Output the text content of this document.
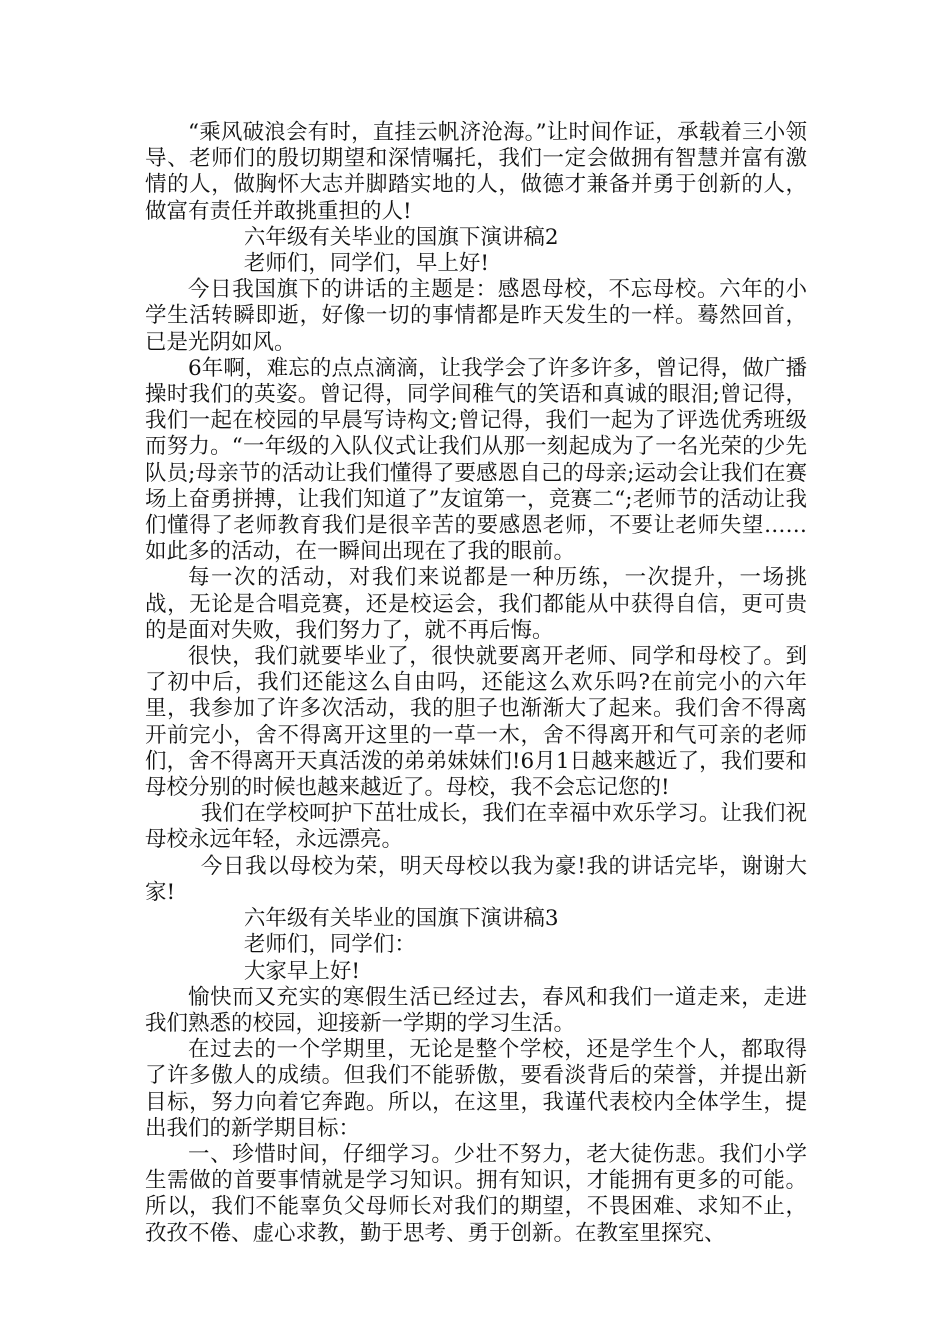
“乘风破浪会有时，直挂云帆济沧海。”让时间作证，承载着三小领导、老师们的殷切期望和深情嘱托，我们一定会做拥有智慧并富有激情的人，做胸怀大志并脚踏实地的人，做德才兼备并勇于创新的人，做富有责任并敢挑重担的人!

六年级有关毕业的国旗下演讲稿2

老师们，同学们，早上好!

今日我国旗下的讲话的主题是：感恩母校，不忘母校。六年的小学生活转瞬即逝，好像一切的事情都是昨天发生的一样。蓦然回首，已是光阴如风。

6年啊，难忘的点点滴滴，让我学会了许多许多，曾记得，做广播操时我们的英姿。曾记得，同学间稚气的笑语和真诚的眼泪;曾记得，我们一起在校园的早晨写诗构文;曾记得，我们一起为了评选优秀班级而努力。“一年级的入队仪式让我们从那一刻起成为了一名光荣的少先队员;母亲节的活动让我们懂得了要感恩自己的母亲;运动会让我们在赛场上奋勇拼搏，让我们知道了”友谊第一，竞赛二“;老师节的活动让我们懂得了老师教育我们是很辛苦的要感恩老师，不要让老师失望……如此多的活动，在一瞬间出现在了我的眼前。

每一次的活动，对我们来说都是一种历练，一次提升，一场挑战，无论是合唱竞赛，还是校运会，我们都能从中获得自信，更可贵的是面对失败，我们努力了，就不再后悔。

很快，我们就要毕业了，很快就要离开老师、同学和母校了。到了初中后，我们还能这么自由吗，还能这么欢乐吗?在前完小的六年里，我参加了许多次活动，我的胆子也渐渐大了起来。我们舍不得离开前完小，舍不得离开这里的一草一木，舍不得离开和气可亲的老师们，舍不得离开天真活泼的弟弟妹妹们!6月1日越来越近了，我们要和母校分别的时候也越来越近了。母校，我不会忘记您的!

我们在学校呵护下茁壮成长，我们在幸福中欢乐学习。让我们祝母校永远年轻，永远漂亮。

今日我以母校为荣，明天母校以我为豪!我的讲话完毕，谢谢大家!

六年级有关毕业的国旗下演讲稿3

老师们，同学们：

大家早上好!

愉快而又充实的寒假生活已经过去，春风和我们一道走来，走进我们熟悉的校园，迎接新一学期的学习生活。

在过去的一个学期里，无论是整个学校，还是学生个人，都取得了许多傲人的成绩。但我们不能骄傲，要看淡背后的荣誉，并提出新目标，努力向着它奔跑。所以，在这里，我谨代表校内全体学生，提出我们的新学期目标：

一、珍惜时间，仔细学习。少壮不努力，老大徒伤悲。我们小学生需做的首要事情就是学习知识。拥有知识，才能拥有更多的可能。所以，我们不能辜负父母师长对我们的期望，不畏困难、求知不止，孜孜不倦、虚心求教，勤于思考、勇于创新。在教室里探究、
